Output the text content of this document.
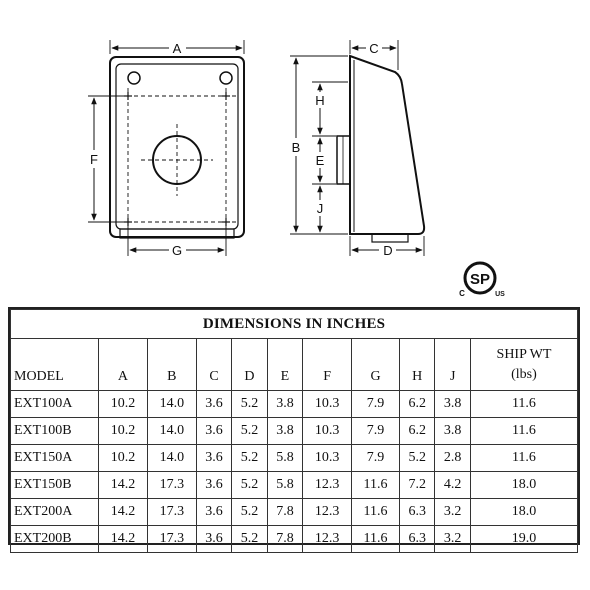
A
F
G
C
B
H
E
J
D
SP
C	US
DIMENSIONS IN INCHES										
MODEL	A	B	C	D	E	F	G	H	J	SHIP WT
(lbs)

EXT100A	10.2	14.0	3.6	5.2	3.8	10.3	7.9	6.2	3.8	11.6
EXT100B	10.2	14.0	3.6	5.2	3.8	10.3	7.9	6.2	3.8	11.6
EXT150A	10.2	14.0	3.6	5.2	5.8	10.3	7.9	5.2	2.8	11.6
EXT150B	14.2	17.3	3.6	5.2	5.8	12.3	11.6	7.2	4.2	18.0
EXT200A	14.2	17.3	3.6	5.2	7.8	12.3	11.6	6.3	3.2	18.0
EXT200B	14.2	17.3	3.6	5.2	7.8	12.3	11.6	6.3	3.2	19.0
